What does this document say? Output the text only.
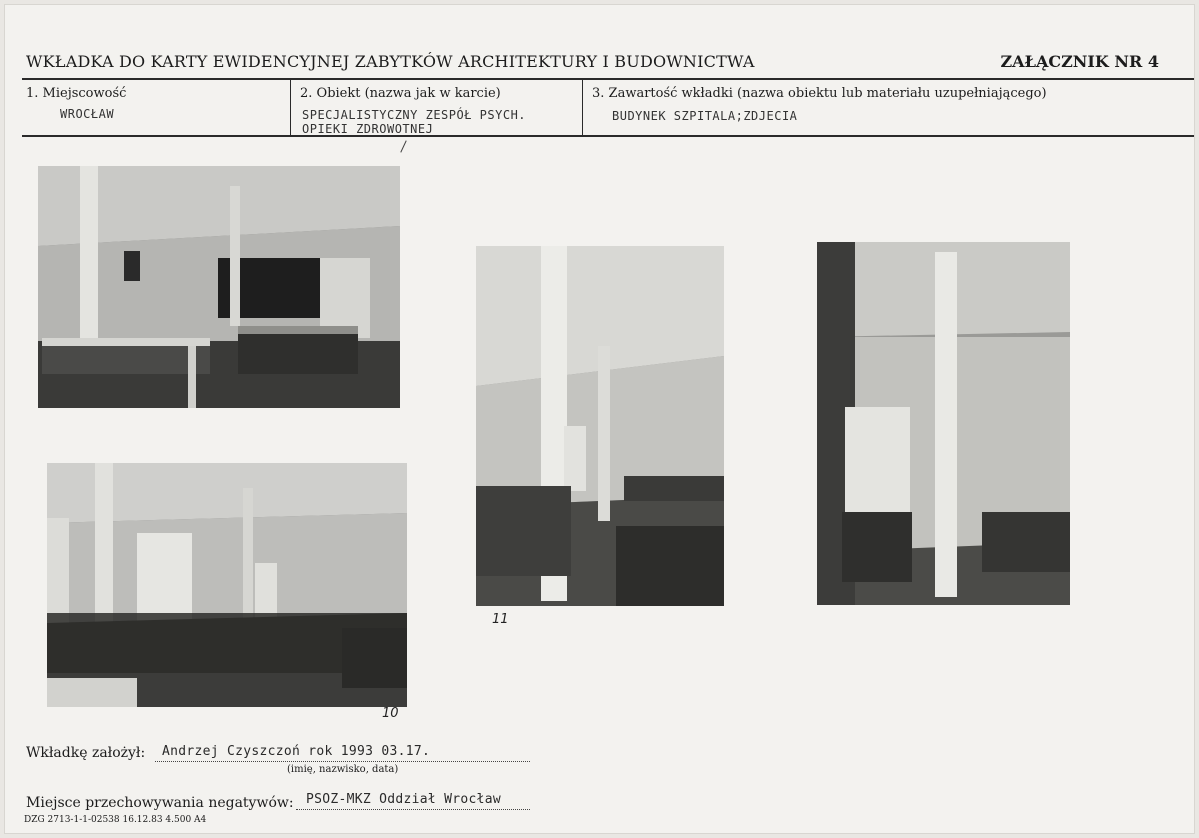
WKŁADKA DO KARTY EWIDENCYJNEJ ZABYTKÓW ARCHITEKTURY I BUDOWNICTWA	ZAŁĄCZNIK NR 4
1. Miejscowość
WROCŁAW
2. Obiekt (nazwa jak w karcie)
SPECJALISTYCZNY ZESPÓŁ PSYCH.
OPIEKI ZDROWOTNEJ
3. Zawartość wkładki (nazwa obiektu lub materiału uzupełniającego)
BUDYNEK SZPITALA;ZDJECIA
10
11
Wkładkę założył: Andrzej Czyszczoń rok 1993 03.17.
(imię, nazwisko, data)
Miejsce przechowywania negatywów: PSOZ-MKZ Oddział Wrocław
DZG 2713-1-1-02538 16.12.83 4.500 A4
